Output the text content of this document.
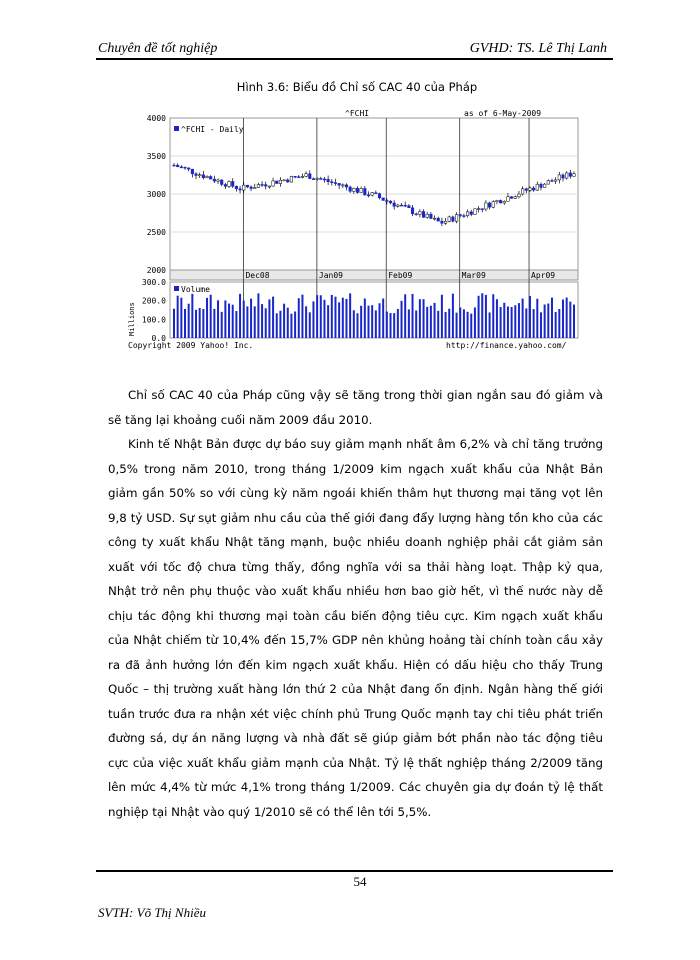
Chuyên đề tốt nghiệp	GVHD: TS. Lê Thị Lanh
Hình 3.6: Biểu đồ Chỉ số CAC 40 của Pháp
4000
3500
3000
2500
2000
300.0
200.0
100.0
0.0
Dec08	Jan09	Feb09	Mar09	Apr09
^FCHI	as of 6-May-2009
^FCHI - Daily
Volume
Millions
Copyright 2009 Yahoo! Inc.	http://finance.yahoo.com/
Chỉ số CAC 40 của Pháp cũng vậy sẽ tăng trong thời gian ngắn sau đó giảm và sẽ tăng lại khoảng cuối năm 2009 đầu 2010.
Kinh tế Nhật Bản được dự báo suy giảm mạnh nhất âm 6,2% và chỉ tăng trưởng 0,5% trong năm 2010, trong tháng 1/2009 kim ngạch xuất khẩu của Nhật Bản giảm gần 50% so với cùng kỳ năm ngoái khiến thâm hụt thương mại tăng vọt lên 9,8 tỷ USD. Sự sụt giảm nhu cầu của thế giới đang đẩy lượng hàng tồn kho của các công ty xuất khẩu Nhật tăng mạnh, buộc nhiều doanh nghiệp phải cắt giảm sản xuất với tốc độ chưa từng thấy, đồng nghĩa với sa thải hàng loạt. Thập kỷ qua, Nhật trở nên phụ thuộc vào xuất khẩu nhiều hơn bao giờ hết, vì thế nước này dễ chịu tác động khi thương mại toàn cầu biến động tiêu cực. Kim ngạch xuất khẩu của Nhật chiếm từ 10,4% đến 15,7% GDP nên khủng hoảng tài chính toàn cầu xảy ra đã ảnh hưởng lớn đến kim ngạch xuất khẩu. Hiện có dấu hiệu cho thấy Trung Quốc – thị trường xuất hàng lớn thứ 2 của Nhật đang ổn định. Ngân hàng thế giới tuần trước đưa ra nhận xét việc chính phủ Trung Quốc mạnh tay chi tiêu phát triển đường sá, dự án năng lượng và nhà đất sẽ giúp giảm bớt phần nào tác động tiêu cực của việc xuất khẩu giảm mạnh của Nhật. Tỷ lệ thất nghiệp tháng 2/2009 tăng lên mức 4,4% từ mức 4,1% trong tháng 1/2009. Các chuyên gia dự đoán tỷ lệ thất nghiệp tại Nhật vào quý 1/2010 sẽ có thể lên tới 5,5%.
54
SVTH: Võ Thị Nhiều
